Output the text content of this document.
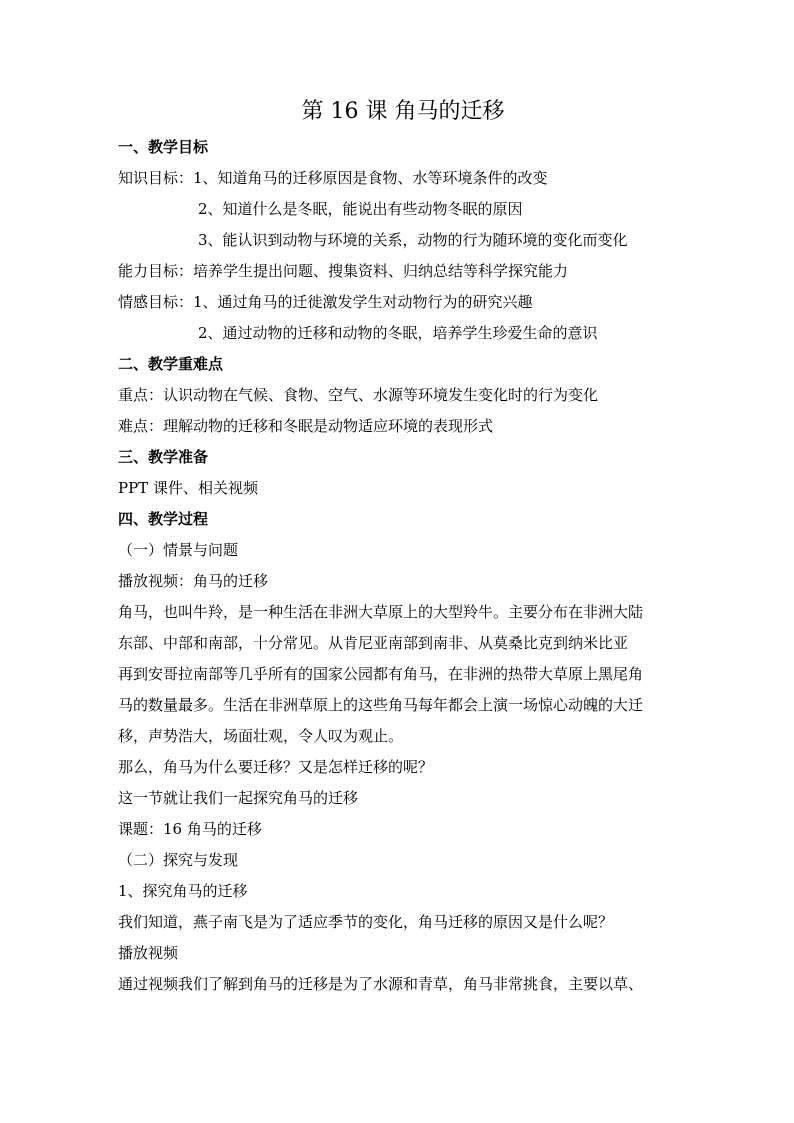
第 16 课 角马的迁移
一、教学目标
知识目标：1、知道角马的迁移原因是食物、水等环境条件的改变
2、知道什么是冬眠，能说出有些动物冬眠的原因
3、能认识到动物与环境的关系，动物的行为随环境的变化而变化
能力目标：培养学生提出问题、搜集资料、归纳总结等科学探究能力
情感目标：1、通过角马的迁徙激发学生对动物行为的研究兴趣
2、通过动物的迁移和动物的冬眠，培养学生珍爱生命的意识
二、教学重难点
重点：认识动物在气候、食物、空气、水源等环境发生变化时的行为变化
难点：理解动物的迁移和冬眠是动物适应环境的表现形式
三、教学准备
PPT 课件、相关视频
四、教学过程
（一）情景与问题
播放视频：角马的迁移
角马，也叫牛羚，是一种生活在非洲大草原上的大型羚牛。主要分布在非洲大陆
东部、中部和南部，十分常见。从肯尼亚南部到南非、从莫桑比克到纳米比亚
再到安哥拉南部等几乎所有的国家公园都有角马，在非洲的热带大草原上黑尾角
马的数量最多。生活在非洲草原上的这些角马每年都会上演一场惊心动魄的大迁
移，声势浩大，场面壮观，令人叹为观止。
那么，角马为什么要迁移？又是怎样迁移的呢？
这一节就让我们一起探究角马的迁移
课题：16 角马的迁移
（二）探究与发现
1、探究角马的迁移
我们知道，燕子南飞是为了适应季节的变化，角马迁移的原因又是什么呢？
播放视频
通过视频我们了解到角马的迁移是为了水源和青草，角马非常挑食，主要以草、
